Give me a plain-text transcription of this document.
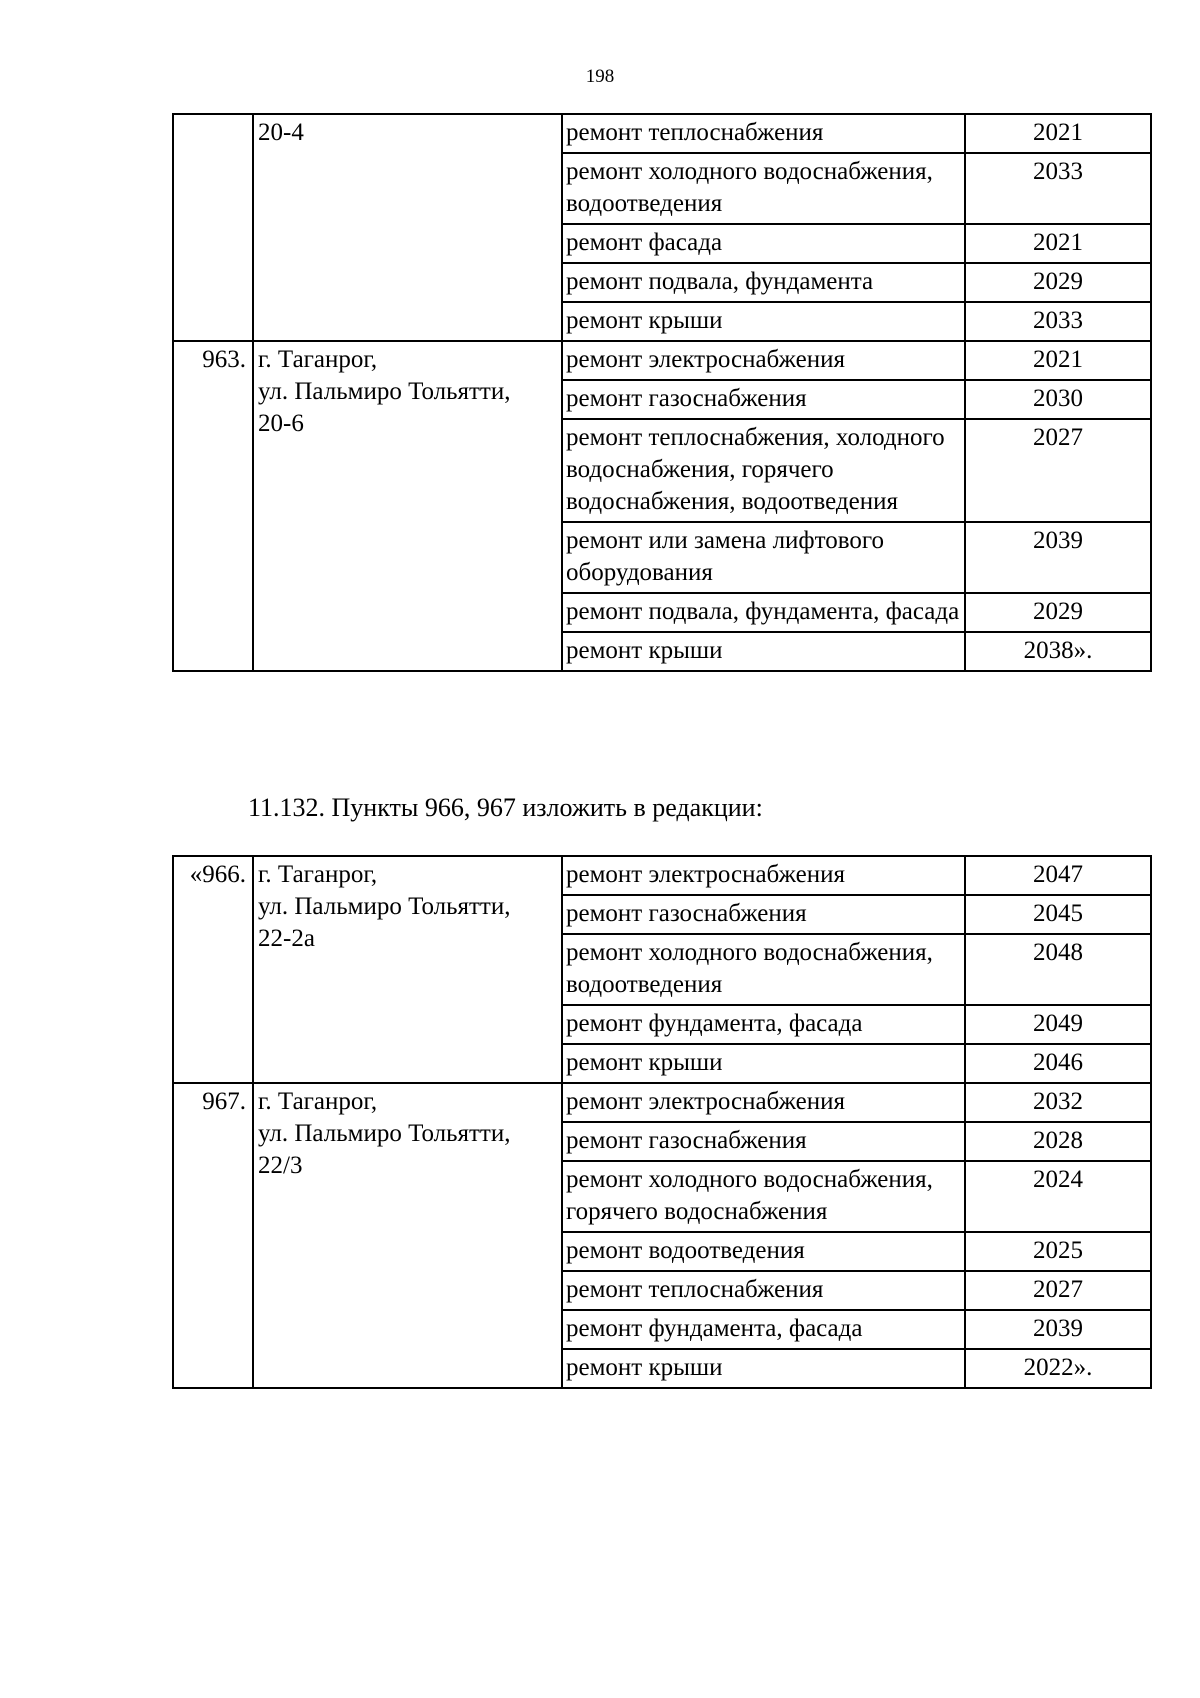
198
	20-4	ремонт теплоснабжения	2021
		ремонт холодного водоснабжения, водоотведения	2033
		ремонт фасада	2021
		ремонт подвала, фундамента	2029
		ремонт крыши	2033
963.	г. Таганрог,
ул. Пальмиро Тольятти,
20-6	ремонт электроснабжения	2021
		ремонт газоснабжения	2030
		ремонт теплоснабжения, холодного водоснабжения, горячего водоснабжения, водоотведения	2027
		ремонт или замена лифтового оборудования	2039
		ремонт подвала, фундамента, фасада	2029
		ремонт крыши	2038».
11.132. Пункты 966, 967 изложить в редакции:
«966.	г. Таганрог,
ул. Пальмиро Тольятти,
22-2а	ремонт электроснабжения	2047
		ремонт газоснабжения	2045
		ремонт холодного водоснабжения, водоотведения	2048
		ремонт фундамента, фасада	2049
		ремонт крыши	2046
967.	г. Таганрог,
ул. Пальмиро Тольятти,
22/3	ремонт электроснабжения	2032
		ремонт газоснабжения	2028
		ремонт холодного водоснабжения, горячего водоснабжения	2024
		ремонт водоотведения	2025
		ремонт теплоснабжения	2027
		ремонт фундамента, фасада	2039
		ремонт крыши	2022».
